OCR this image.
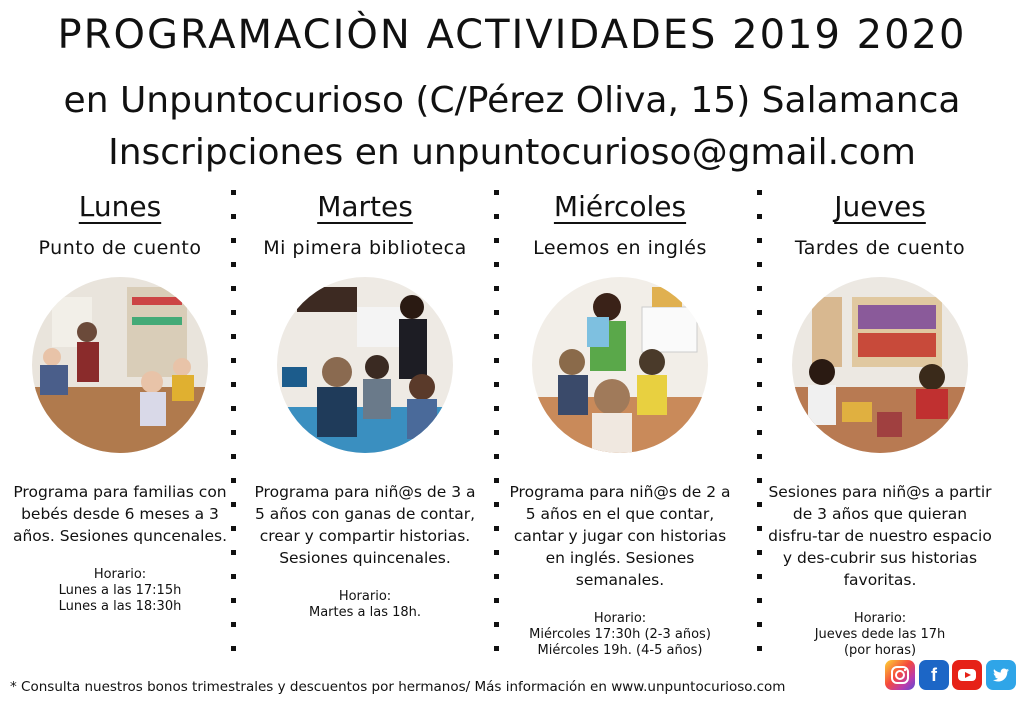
PROGRAMACIÒN ACTIVIDADES 2019 2020
en Unpuntocurioso (C/Pérez Oliva, 15) Salamanca
Inscripciones en unpuntocurioso@gmail.com
Lunes
Punto de cuento
Programa para familias con bebés desde 6 meses a 3 años. Sesiones quncenales.
Horario:
Lunes a las 17:15h
Lunes a las 18:30h
Martes
Mi pimera biblioteca
Programa para niñ@s de 3 a 5 años con ganas de contar, crear y compartir historias. Sesiones quincenales.
Horario:
Martes a las 18h.
Miércoles
Leemos en inglés
Programa para niñ@s de 2 a 5 años en el que contar, cantar y jugar con historias en inglés. Sesiones semanales.
Horario:
Miércoles 17:30h (2-3 años)
Miércoles 19h. (4-5 años)
Jueves
Tardes de cuento
Sesiones para niñ@s a partir de 3 años que quieran disfru-tar de nuestro espacio y des-cubrir sus historias favoritas.
Horario:
Jueves dede las 17h
(por horas)
* Consulta nuestros bonos trimestrales y descuentos por hermanos/ Más información en www.unpuntocurioso.com
f
